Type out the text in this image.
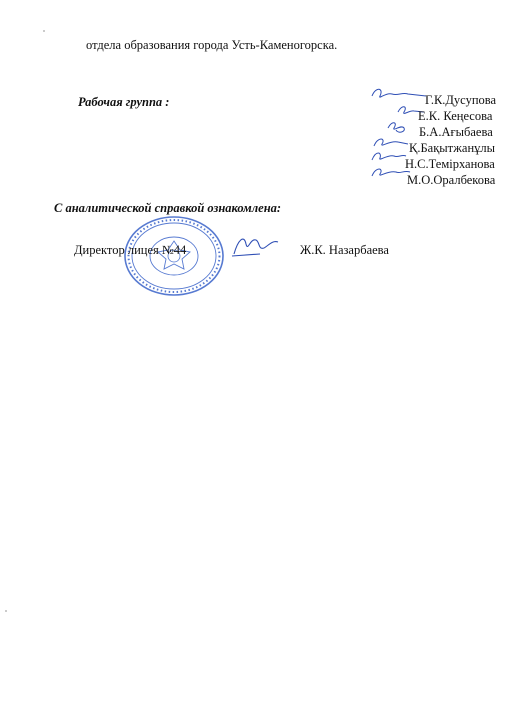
отдела образования города Усть-Каменогорска.
Рабочая группа :	Г.К.Дусупова
Е.К. Кеңесова
Б.А.Ағыбаева
Қ.Бақытжанұлы
Н.С.Темірханова
М.О.Оралбекова
С аналитической справкой ознакомлена:
Директор лицея №44	Ж.К. Назарбаева
